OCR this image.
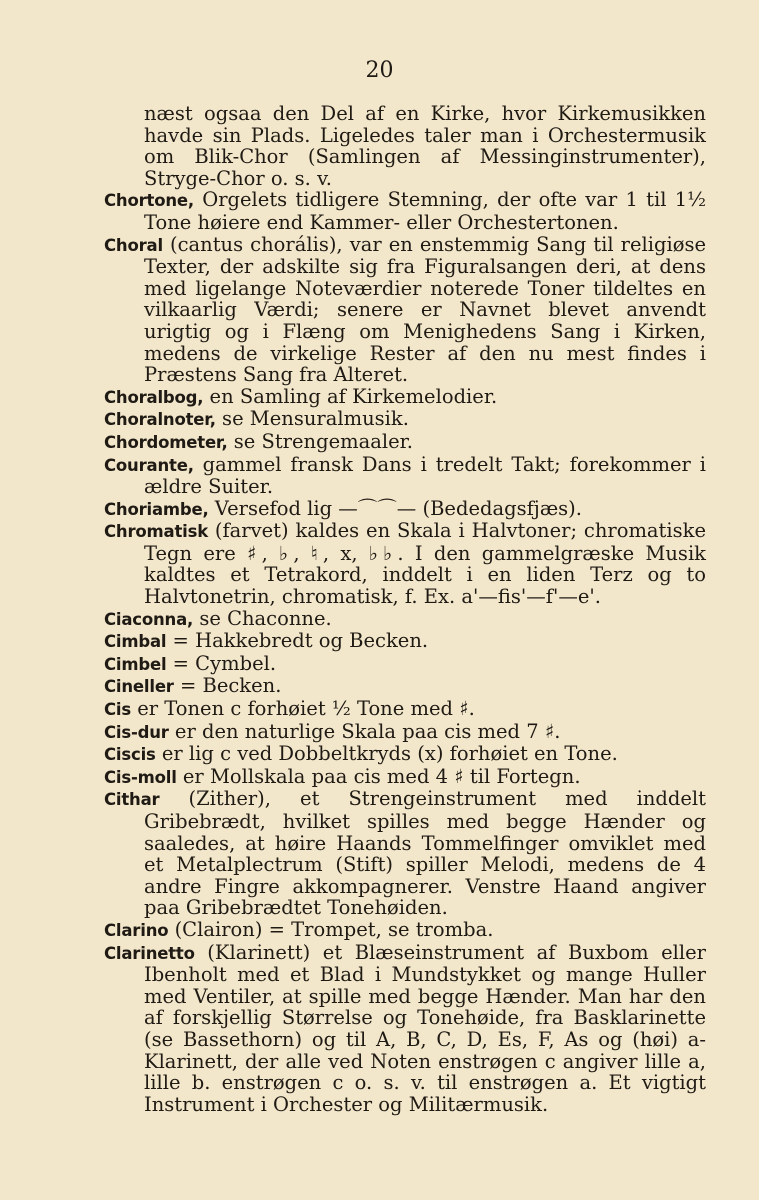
20

næst ogsaa den Del af en Kirke, hvor Kirkemusikken havde sin Plads. Ligeledes taler man i Orchestermusik om Blik-Chor (Samlingen af Messinginstrumenter), Stryge-Chor o. s. v.

Chortone, Orgelets tidligere Stemning, der ofte var 1 til 1½ Tone høiere end Kammer- eller Orchestertonen.

Choral (cantus chorális), var en enstemmig Sang til religiøse Texter, der adskilte sig fra Figuralsangen deri, at dens med ligelange Noteværdier noterede Toner tildeltes en vilkaarlig Værdi; senere er Navnet blevet anvendt urigtig og i Flæng om Menighedens Sang i Kirken, medens de virkelige Rester af den nu mest findes i Præstens Sang fra Alteret.

Choralbog, en Samling af Kirkemelodier.

Choralnoter, se Mensuralmusik.

Chordometer, se Strengemaaler.

Courante, gammel fransk Dans i tredelt Takt; forekommer i ældre Suiter.

Choriambe, Versefod lig —⌒⌒— (Bededagsfjæs).

Chromatisk (farvet) kaldes en Skala i Halvtoner; chromatiske Tegn ere ♯, ♭, ♮, x, ♭♭. I den gammelgræske Musik kaldtes et Tetrakord, inddelt i en liden Terz og to Halvtonetrin, chromatisk, f. Ex. a'—fis'—f'—e'.

Ciaconna, se Chaconne.

Cimbal = Hakkebredt og Becken.

Cimbel = Cymbel.

Cineller = Becken.

Cis er Tonen c forhøiet ½ Tone med ♯.

Cis-dur er den naturlige Skala paa cis med 7 ♯.

Ciscis er lig c ved Dobbeltkryds (x) forhøiet en Tone.

Cis-moll er Mollskala paa cis med 4 ♯ til Fortegn.

Cithar (Zither), et Strengeinstrument med inddelt Gribebrædt, hvilket spilles med begge Hænder og saaledes, at høire Haands Tommelfinger omviklet med et Metalplectrum (Stift) spiller Melodi, medens de 4 andre Fingre akkompagnerer. Venstre Haand angiver paa Gribebrædtet Tonehøiden.

Clarino (Clairon) = Trompet, se tromba.

Clarinetto (Klarinett) et Blæseinstrument af Buxbom eller Ibenholt med et Blad i Mundstykket og mange Huller med Ventiler, at spille med begge Hænder. Man har den af forskjellig Størrelse og Tonehøide, fra Basklarinette (se Bassethorn) og til A, B, C, D, Es, F, As og (høi) a-Klarinett, der alle ved Noten enstrøgen c angiver lille a, lille b. enstrøgen c o. s. v. til enstrøgen a. Et vigtigt Instrument i Orchester og Militærmusik.
